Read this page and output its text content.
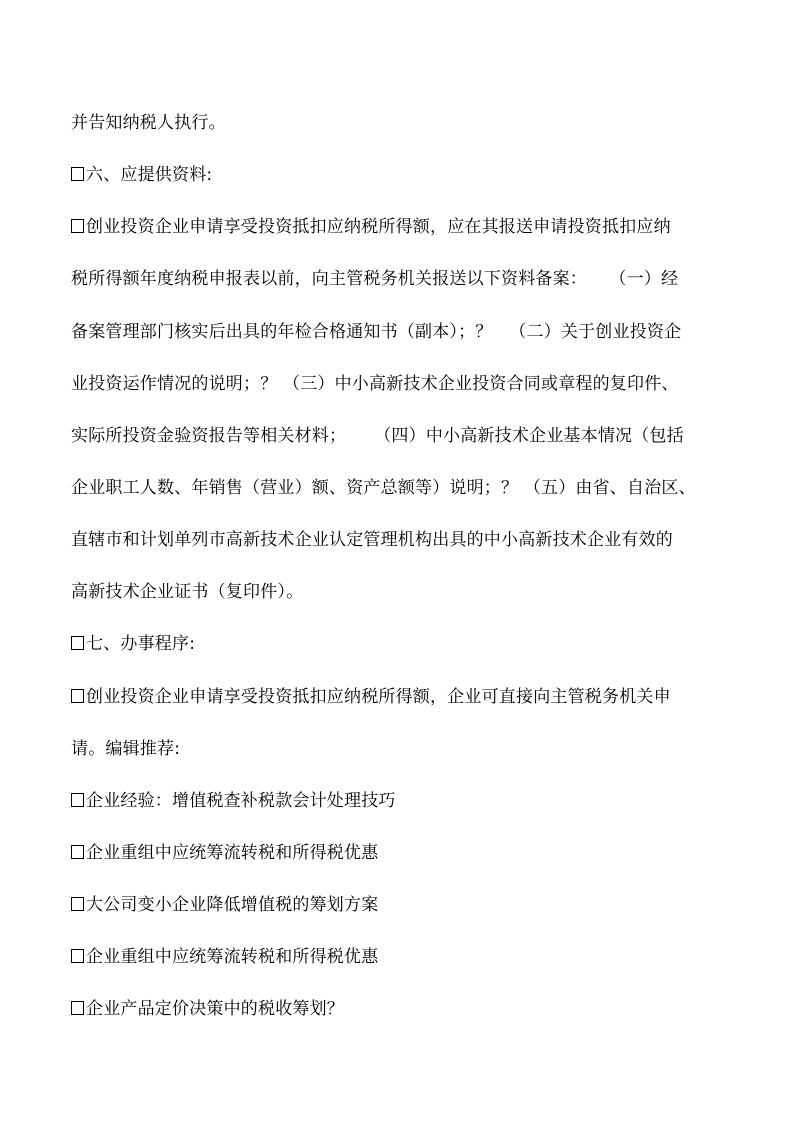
并告知纳税人执行。
六、应提供资料:
创业投资企业申请享受投资抵扣应纳税所得额，应在其报送申请投资抵扣应纳
税所得额年度纳税申报表以前，向主管税务机关报送以下资料备案：    （一）经
备案管理部门核实后出具的年检合格通知书（副本）；？   （二）关于创业投资企
业投资运作情况的说明；？ （三）中小高新技术企业投资合同或章程的复印件、
实际所投资金验资报告等相关材料；     （四）中小高新技术企业基本情况（包括
企业职工人数、年销售（营业）额、资产总额等）说明；？ （五）由省、自治区、
直辖市和计划单列市高新技术企业认定管理机构出具的中小高新技术企业有效的
高新技术企业证书（复印件）。
七、办事程序:
创业投资企业申请享受投资抵扣应纳税所得额，企业可直接向主管税务机关申
请。编辑推荐:
企业经验：增值税查补税款会计处理技巧
企业重组中应统筹流转税和所得税优惠
大公司变小企业降低增值税的筹划方案
企业重组中应统筹流转税和所得税优惠
企业产品定价决策中的税收筹划？
